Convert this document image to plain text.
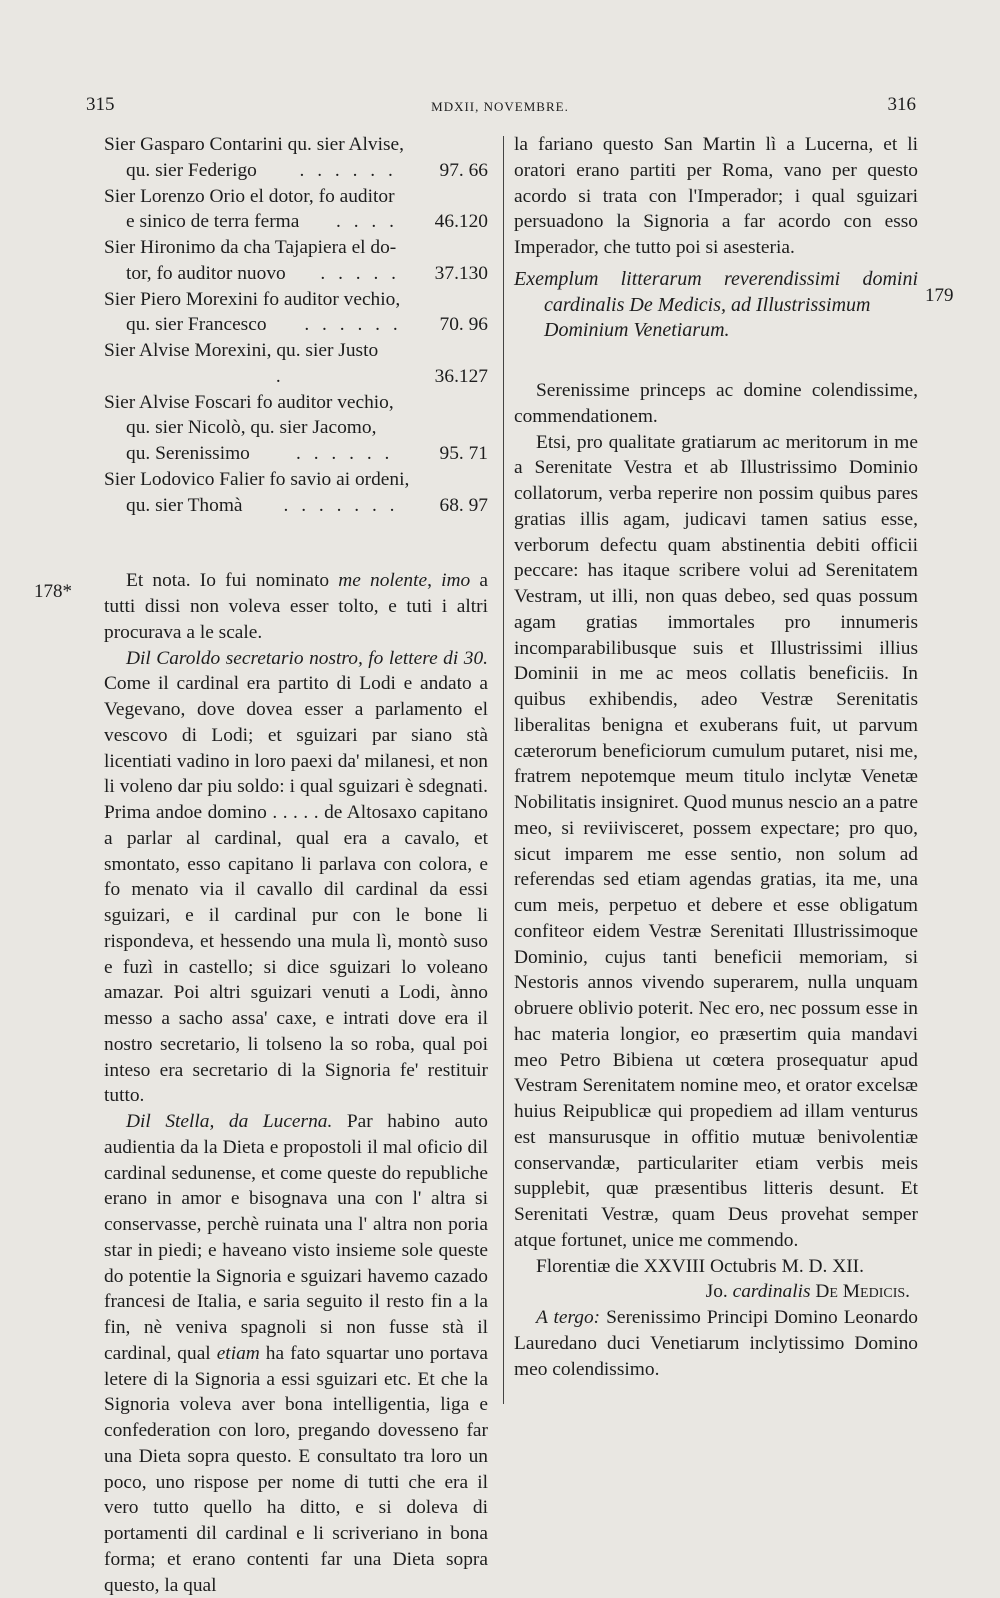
315	MDXII, NOVEMBRE.	316
178*
179
Sier Gasparo Contarini qu. sier Alvise,
qu. sier Federigo	. . . . . .	97. 66
Sier Lorenzo Orio el dotor, fo auditor
e sinico de terra ferma	. . . .	46.120
Sier Hironimo da cha Tajapiera el do-
tor, fo auditor nuovo	. . . . .	37.130
Sier Piero Morexini fo auditor vechio,
qu. sier Francesco	. . . . . .	70. 96
Sier Alvise Morexini, qu. sier Justo
.	36.127
Sier Alvise Foscari fo auditor vechio,
qu. sier Nicolò, qu. sier Jacomo,
qu. Serenissimo	. . . . . .	95. 71
Sier Lodovico Falier fo savio ai ordeni,
qu. sier Thomà	. . . . . . .	68. 97

Et nota. Io fui nominato me nolente, imo a tutti dissi non voleva esser tolto, e tuti i altri procurava a le scale.

Dil Caroldo secretario nostro, fo lettere di 30. Come il cardinal era partito di Lodi e andato a Vegevano, dove dovea esser a parlamento el vescovo di Lodi; et sguizari par siano stà licentiati vadino in loro paexi da' milanesi, et non li voleno dar piu soldo: i qual sguizari è sdegnati. Prima andoe domino . . . . . de Altosaxo capitano a parlar al cardinal, qual era a cavalo, et smontato, esso capitano li parlava con colora, e fo menato via il cavallo dil cardinal da essi sguizari, e il cardinal pur con le bone li rispondeva, et hessendo una mula lì, montò suso e fuzì in castello; si dice sguizari lo voleano amazar. Poi altri sguizari venuti a Lodi, ànno messo a sacho assa' caxe, e intrati dove era il nostro secretario, li tolseno la so roba, qual poi inteso era secretario di la Signoria fe' restituir tutto.

Dil Stella, da Lucerna. Par habino auto audientia da la Dieta e propostoli il mal oficio dil cardinal sedunense, et come queste do republiche erano in amor e bisognava una con l' altra si conservasse, perchè ruinata una l' altra non poria star in piedi; e haveano visto insieme sole queste do potentie la Signoria e sguizari havemo cazado francesi de Italia, e saria seguito il resto fin a la fin, nè veniva spagnoli si non fusse stà il cardinal, qual etiam ha fato squartar uno portava letere di la Signoria a essi sguizari etc. Et che la Signoria voleva aver bona intelligentia, liga e confederation con loro, pregando dovesseno far una Dieta sopra questo. E consultato tra loro un poco, uno rispose per nome di tutti che era il vero tutto quello ha ditto, e si doleva di portamenti dil cardinal e li scriveriano in bona forma; et erano contenti far una Dieta sopra questo, la qual

la fariano questo San Martin lì a Lucerna, et li oratori erano partiti per Roma, vano per questo acordo si trata con l'Imperador; i qual sguizari persuadono la Signoria a far acordo con esso Imperador, che tutto poi si asesteria.

Exemplum litterarum reverendissimi domini
cardinalis De Medicis, ad Illustrissimum
Dominium Venetiarum.

Serenissime princeps ac domine colendissime, commendationem.

Etsi, pro qualitate gratiarum ac meritorum in me a Serenitate Vestra et ab Illustrissimo Dominio collatorum, verba reperire non possim quibus pares gratias illis agam, judicavi tamen satius esse, verborum defectu quam abstinentia debiti officii peccare: has itaque scribere volui ad Serenitatem Vestram, ut illi, non quas debeo, sed quas possum agam gratias immortales pro innumeris incomparabilibusque suis et Illustrissimi illius Dominii in me ac meos collatis beneficiis. In quibus exhibendis, adeo Vestræ Serenitatis liberalitas benigna et exuberans fuit, ut parvum cæterorum beneficiorum cumulum putaret, nisi me, fratrem nepotemque meum titulo inclytæ Venetæ Nobilitatis insigniret. Quod munus nescio an a patre meo, si reviivisceret, possem expectare; pro quo, sicut imparem me esse sentio, non solum ad referendas sed etiam agendas gratias, ita me, una cum meis, perpetuo et debere et esse obligatum confiteor eidem Vestræ Serenitati Illustrissimoque Dominio, cujus tanti beneficii memoriam, si Nestoris annos vivendo superarem, nulla unquam obruere oblivio poterit. Nec ero, nec possum esse in hac materia longior, eo præsertim quia mandavi meo Petro Bibiena ut cœtera prosequatur apud Vestram Serenitatem nomine meo, et orator excelsæ huius Reipublicæ qui propediem ad illam venturus est mansurusque in offitio mutuæ benivolentiæ conservandæ, particulariter etiam verbis meis supplebit, quæ præsentibus litteris desunt. Et Serenitati Vestræ, quam Deus provehat semper atque fortunet, unice me commendo.

Florentiæ die XXVIII Octubris M. D. XII.

Jo. cardinalis De Medicis.

A tergo: Serenissimo Principi Domino Leonardo Lauredano duci Venetiarum inclytissimo Domino meo colendissimo.
